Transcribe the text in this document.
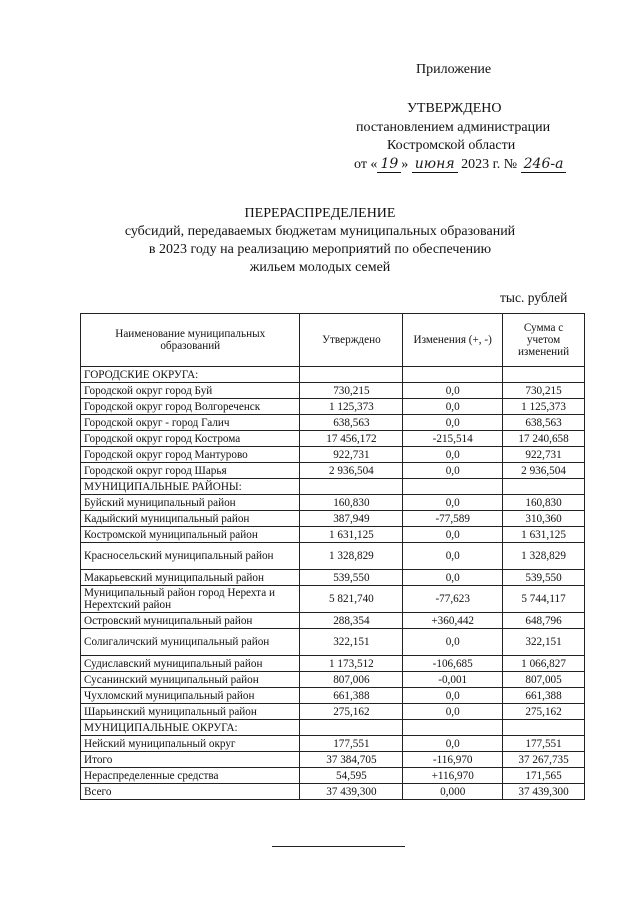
Приложение
УТВЕРЖДЕНО
постановлением администрации
Костромской области
от « 19 » июня 2023 г. № 246-а
ПЕРЕРАСПРЕДЕЛЕНИЕ
субсидий, передаваемых бюджетам муниципальных образований
в 2023 году на реализацию мероприятий по обеспечению
жильем молодых семей
тыс. рублей
Наименование муниципальных образований	Утверждено	Изменения (+, -)	Сумма с учетом изменений
ГОРОДСКИЕ ОКРУГА:			
Городской округ город Буй	730,215	0,0	730,215
Городской округ город Волгореченск	1 125,373	0,0	1 125,373
Городской округ - город Галич	638,563	0,0	638,563
Городской округ город Кострома	17 456,172	-215,514	17 240,658
Городской округ город Мантурово	922,731	0,0	922,731
Городской округ город Шарья	2 936,504	0,0	2 936,504
МУНИЦИПАЛЬНЫЕ РАЙОНЫ:			
Буйский муниципальный район	160,830	0,0	160,830
Кадыйский муниципальный район	387,949	-77,589	310,360
Костромской муниципальный район	1 631,125	0,0	1 631,125
Красносельский муниципальный район	1 328,829	0,0	1 328,829
Макарьевский муниципальный район	539,550	0,0	539,550
Муниципальный район город Нерехта и Нерехтский район	5 821,740	-77,623	5 744,117
Островский муниципальный район	288,354	+360,442	648,796
Солигаличский муниципальный район	322,151	0,0	322,151
Судиславский муниципальный район	1 173,512	-106,685	1 066,827
Сусанинский муниципальный район	807,006	-0,001	807,005
Чухломский муниципальный район	661,388	0,0	661,388
Шарьинский муниципальный район	275,162	0,0	275,162
МУНИЦИПАЛЬНЫЕ ОКРУГА:			
Нейский муниципальный округ	177,551	0,0	177,551
Итого	37 384,705	-116,970	37 267,735
Нераспределенные средства	54,595	+116,970	171,565
Всего	37 439,300	0,000	37 439,300
